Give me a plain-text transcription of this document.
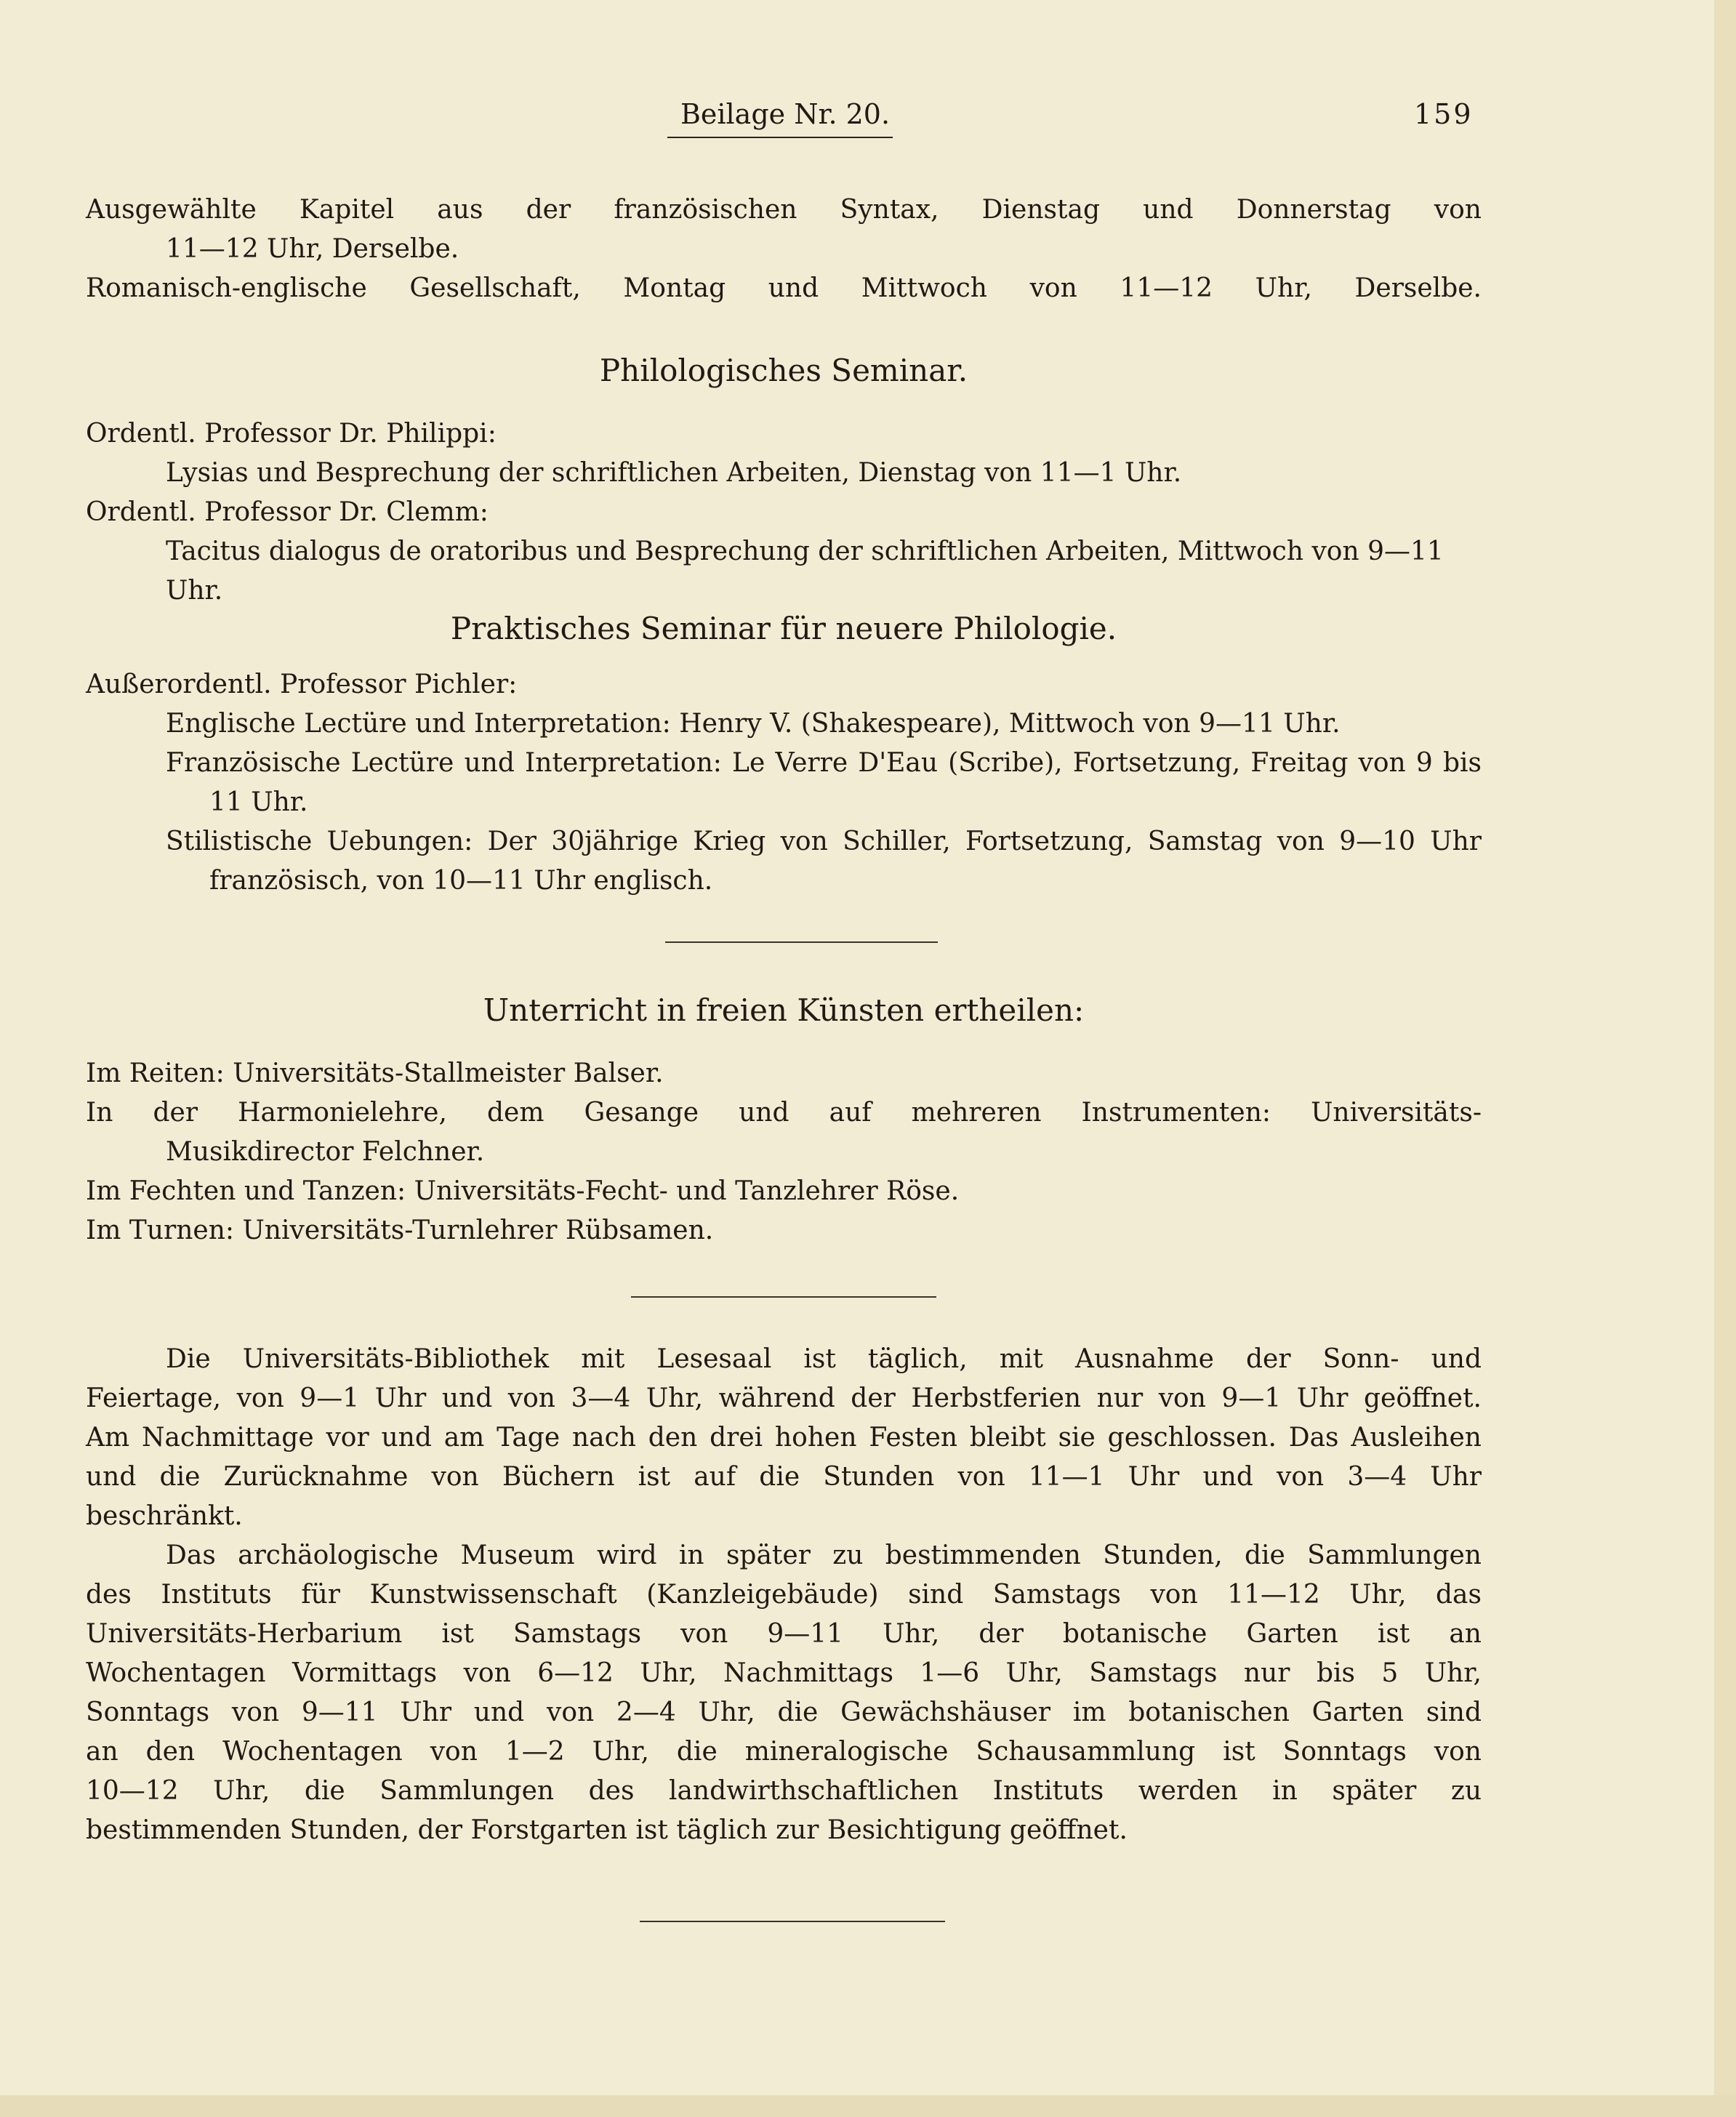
Beilage Nr. 20.	159

Ausgewählte Kapitel aus der französischen Syntax, Dienstag und Donnerstag von

11—12 Uhr, Derselbe.

Romanisch-englische Gesellschaft, Montag und Mittwoch von 11—12 Uhr, Derselbe.

Philologisches Seminar.

Ordentl. Professor Dr. Philippi:

Lysias und Besprechung der schriftlichen Arbeiten, Dienstag von 11—1 Uhr.

Ordentl. Professor Dr. Clemm:

Tacitus dialogus de oratoribus und Besprechung der schriftlichen Arbeiten, Mittwoch von 9—11 Uhr.

Praktisches Seminar für neuere Philologie.

Außerordentl. Professor Pichler:

Englische Lectüre und Interpretation: Henry V. (Shakespeare), Mittwoch von 9—11 Uhr.

Französische Lectüre und Interpretation: Le Verre D'Eau (Scribe), Fortsetzung, Freitag von 9 bis

11 Uhr.

Stilistische Uebungen: Der 30jährige Krieg von Schiller, Fortsetzung, Samstag von 9—10 Uhr

französisch, von 10—11 Uhr englisch.

Unterricht in freien Künsten ertheilen:

Im Reiten: Universitäts-Stallmeister Balser.

In der Harmonielehre, dem Gesange und auf mehreren Instrumenten: Universitäts-

Musikdirector Felchner.

Im Fechten und Tanzen: Universitäts-Fecht- und Tanzlehrer Röse.

Im Turnen: Universitäts-Turnlehrer Rübsamen.

Die Universitäts-Bibliothek mit Lesesaal ist täglich, mit Ausnahme der Sonn- und

Feiertage, von 9—1 Uhr und von 3—4 Uhr, während der Herbstferien nur von 9—1 Uhr geöffnet.

Am Nachmittage vor und am Tage nach den drei hohen Festen bleibt sie geschlossen. Das Ausleihen

und die Zurücknahme von Büchern ist auf die Stunden von 11—1 Uhr und von 3—4 Uhr

beschränkt.

Das archäologische Museum wird in später zu bestimmenden Stunden, die Sammlungen

des Instituts für Kunstwissenschaft (Kanzleigebäude) sind Samstags von 11—12 Uhr, das

Universitäts-Herbarium ist Samstags von 9—11 Uhr, der botanische Garten ist an

Wochentagen Vormittags von 6—12 Uhr, Nachmittags 1—6 Uhr, Samstags nur bis 5 Uhr,

Sonntags von 9—11 Uhr und von 2—4 Uhr, die Gewächshäuser im botanischen Garten sind

an den Wochentagen von 1—2 Uhr, die mineralogische Schausammlung ist Sonntags von

10—12 Uhr, die Sammlungen des landwirthschaftlichen Instituts werden in später zu

bestimmenden Stunden, der Forstgarten ist täglich zur Besichtigung geöffnet.
